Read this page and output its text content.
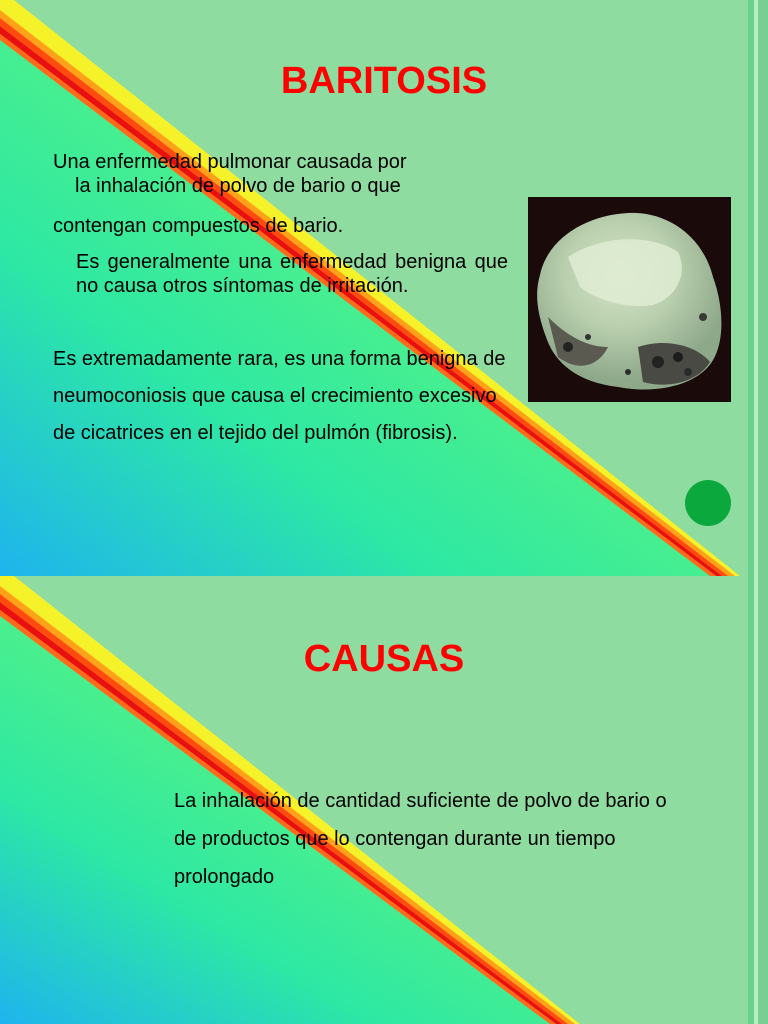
BARITOSIS
Una enfermedad pulmonar causada por
la inhalación de polvo de bario o que
contengan compuestos de bario.
Es generalmente una enfermedad benigna que no causa otros síntomas de irritación.
Es extremadamente rara, es una forma benigna de neumoconiosis que causa el crecimiento excesivo de cicatrices en el tejido del pulmón (fibrosis).
CAUSAS
La inhalación de cantidad suficiente de polvo de bario o de productos que lo contengan durante un tiempo prolongado
